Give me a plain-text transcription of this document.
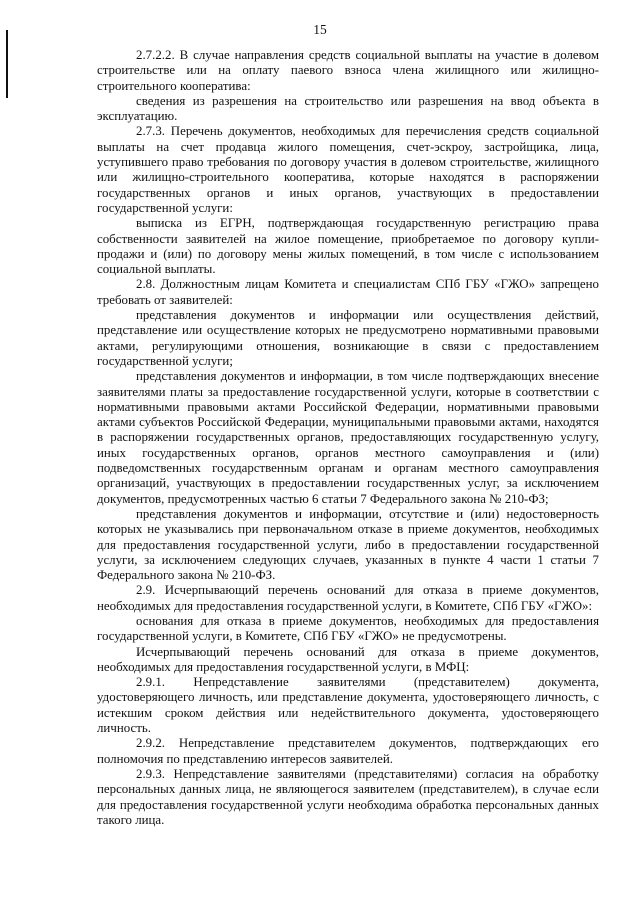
15

2.7.2.2. В случае направления средств социальной выплаты на участие в долевом строительстве или на оплату паевого взноса члена жилищного или жилищно-строительного кооператива:

сведения из разрешения на строительство или разрешения на ввод объекта в эксплуатацию.

2.7.3. Перечень документов, необходимых для перечисления средств социальной выплаты на счет продавца жилого помещения, счет-эскроу, застройщика, лица, уступившего право требования по договору участия в долевом строительстве, жилищного или жилищно-строительного кооператива, которые находятся в распоряжении государственных органов и иных органов, участвующих в предоставлении государственной услуги:

выписка из ЕГРН, подтверждающая государственную регистрацию права собственности заявителей на жилое помещение, приобретаемое по договору купли-продажи и (или) по договору мены жилых помещений, в том числе с использованием социальной выплаты.

2.8. Должностным лицам Комитета и специалистам СПб ГБУ «ГЖО» запрещено требовать от заявителей:

представления документов и информации или осуществления действий, представление или осуществление которых не предусмотрено нормативными правовыми актами, регулирующими отношения, возникающие в связи с предоставлением государственной услуги;

представления документов и информации, в том числе подтверждающих внесение заявителями платы за предоставление государственной услуги, которые в соответствии с нормативными правовыми актами Российской Федерации, нормативными правовыми актами субъектов Российской Федерации, муниципальными правовыми актами, находятся в распоряжении государственных органов, предоставляющих государственную услугу, иных государственных органов, органов местного самоуправления и (или) подведомственных государственным органам и органам местного самоуправления организаций, участвующих в предоставлении государственных услуг, за исключением документов, предусмотренных частью 6 статьи 7 Федерального закона № 210-ФЗ;

представления документов и информации, отсутствие и (или) недостоверность которых не указывались при первоначальном отказе в приеме документов, необходимых для предоставления государственной услуги, либо в предоставлении государственной услуги, за исключением следующих случаев, указанных в пункте 4 части 1 статьи 7 Федерального закона № 210-ФЗ.

2.9. Исчерпывающий перечень оснований для отказа в приеме документов, необходимых для предоставления государственной услуги, в Комитете, СПб ГБУ «ГЖО»:

основания для отказа в приеме документов, необходимых для предоставления государственной услуги, в Комитете, СПб ГБУ «ГЖО» не предусмотрены.

Исчерпывающий перечень оснований для отказа в приеме документов, необходимых для предоставления государственной услуги, в МФЦ:

2.9.1. Непредставление заявителями (представителем) документа, удостоверяющего личность, или представление документа, удостоверяющего личность, с истекшим сроком действия или недействительного документа, удостоверяющего личность.

2.9.2. Непредставление представителем документов, подтверждающих его полномочия по представлению интересов заявителей.

2.9.3. Непредставление заявителями (представителями) согласия на обработку персональных данных лица, не являющегося заявителем (представителем), в случае если для предоставления государственной услуги необходима обработка персональных данных такого лица.
